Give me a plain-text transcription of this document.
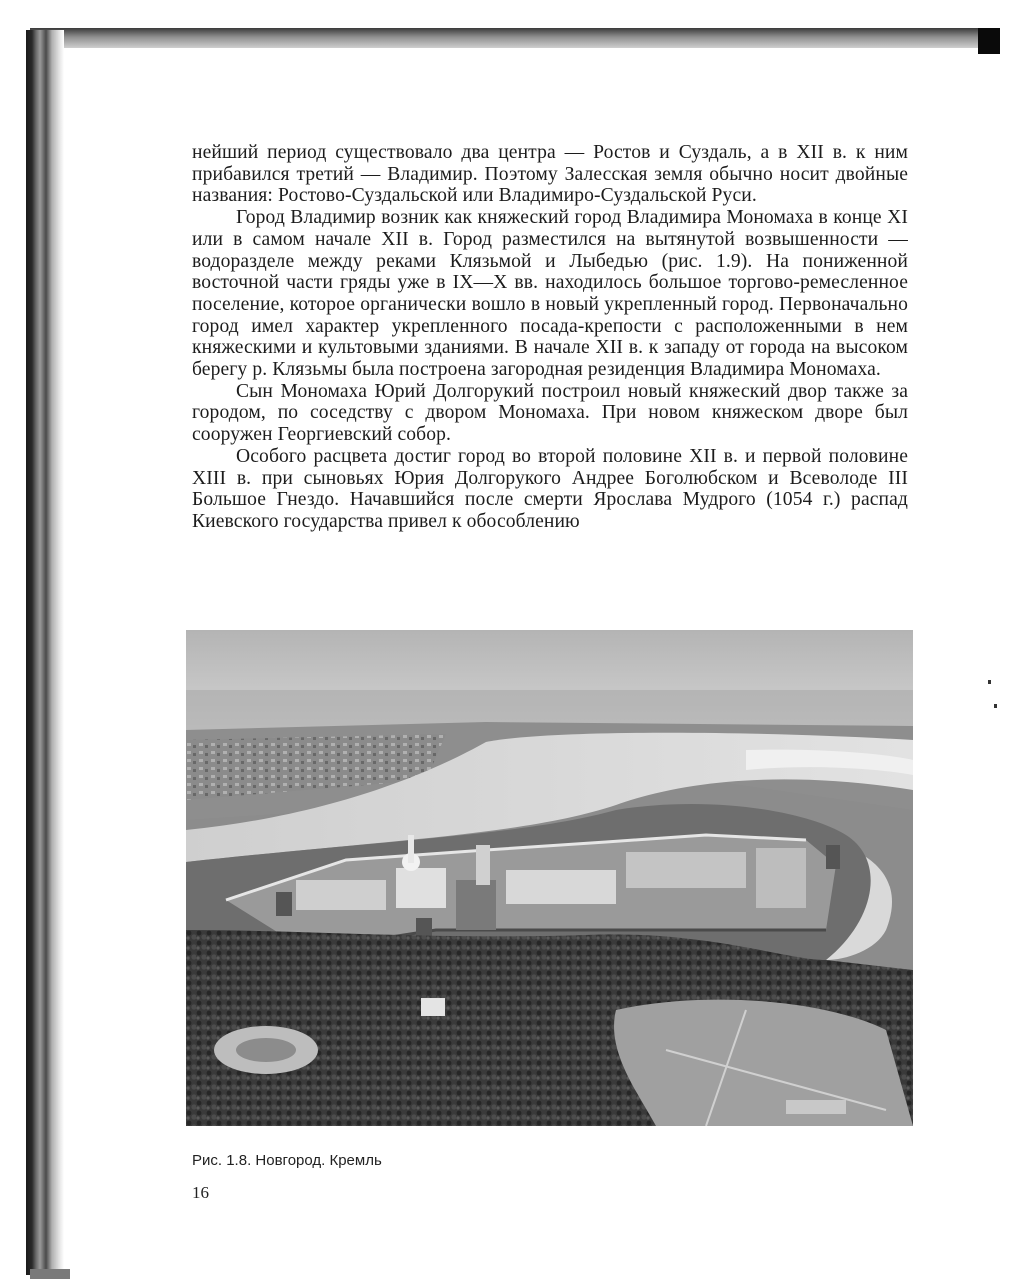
нейший период существовало два центра — Ростов и Суздаль, а в XII в. к ним прибавился третий — Владимир. Поэтому Залесская земля обычно носит двойные названия: Ростово-Суздальской или Владимиро-Суздальской Руси.

Город Владимир возник как княжеский город Владимира Мономаха в конце XI или в самом начале XII в. Город разместился на вытянутой возвышенности — водоразделе между реками Клязьмой и Лыбедью (рис. 1.9). На пониженной восточной части гряды уже в IX—X вв. находилось большое торгово-ремесленное поселение, которое органически вошло в новый укрепленный город. Первоначально город имел характер укрепленного посада-крепости с расположенными в нем княжескими и культовыми зданиями. В начале XII в. к западу от города на высоком берегу р. Клязьмы была построена загородная резиденция Владимира Мономаха.

Сын Мономаха Юрий Долгорукий построил новый княжеский двор также за городом, по соседству с двором Мономаха. При новом княжеском дворе был сооружен Георгиевский собор.

Особого расцвета достиг город во второй половине XII в. и первой половине XIII в. при сыновьях Юрия Долгорукого Андрее Боголюбском и Всеволоде III Большое Гнездо. Начавшийся после смерти Ярослава Мудрого (1054 г.) распад Киевского государства привел к обособлению

Рис. 1.8. Новгород. Кремль
16
